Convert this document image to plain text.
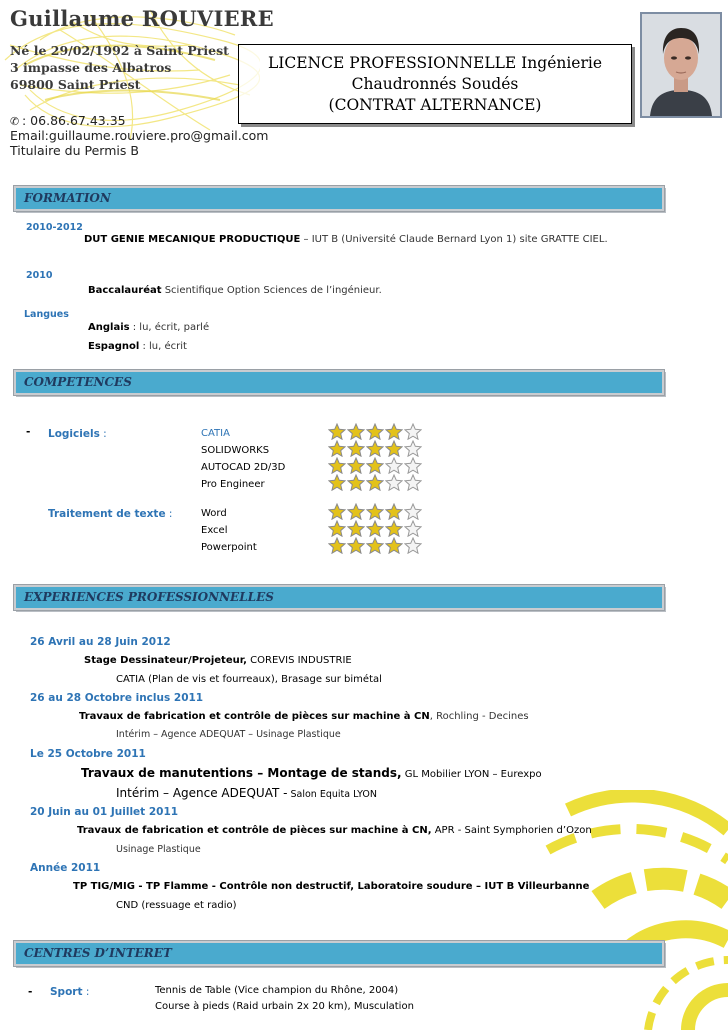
Guillaume ROUVIERE
Né le 29/02/1992 à Saint Priest
3 impasse des Albatros
69800 Saint Priest
✆ : 06.86.67.43.35
Email:guillaume.rouviere.pro@gmail.com
Titulaire du Permis B
LICENCE PROFESSIONNELLE Ingénierie
Chaudronnés Soudés
(CONTRAT ALTERNANCE)
FORMATION
2010-2012
DUT GENIE MECANIQUE PRODUCTIQUE – IUT B (Université Claude Bernard Lyon 1) site GRATTE CIEL.
2010
Baccalauréat Scientifique Option Sciences de l’ingénieur.
Langues
Anglais : lu, écrit, parlé
Espagnol : lu, écrit
COMPETENCES
- Logiciels :
Traitement de texte :
CATIA
SOLIDWORKS
AUTOCAD 2D/3D
Pro Engineer
Word
Excel
Powerpoint
EXPERIENCES PROFESSIONNELLES
26 Avril au 28 Juin 2012
Stage Dessinateur/Projeteur, COREVIS INDUSTRIE
CATIA (Plan de vis et fourreaux), Brasage sur bimétal
26 au 28 Octobre inclus 2011
Travaux de fabrication et contrôle de pièces sur machine à CN, Rochling - Decines
Intérim – Agence ADEQUAT – Usinage Plastique
Le 25 Octobre 2011
Travaux de manutentions – Montage de stands, GL Mobilier LYON – Eurexpo
Intérim – Agence ADEQUAT - Salon Equita LYON
20 Juin au 01 Juillet 2011
Travaux de fabrication et contrôle de pièces sur machine à CN, APR - Saint Symphorien d’Ozon
Usinage Plastique
Année 2011
TP TIG/MIG - TP Flamme - Contrôle non destructif, Laboratoire soudure – IUT B Villeurbanne
CND (ressuage et radio)
CENTRES D’INTERET
- Sport :	Tennis de Table (Vice champion du Rhône, 2004)
Course à pieds (Raid urbain 2x 20 km), Musculation
